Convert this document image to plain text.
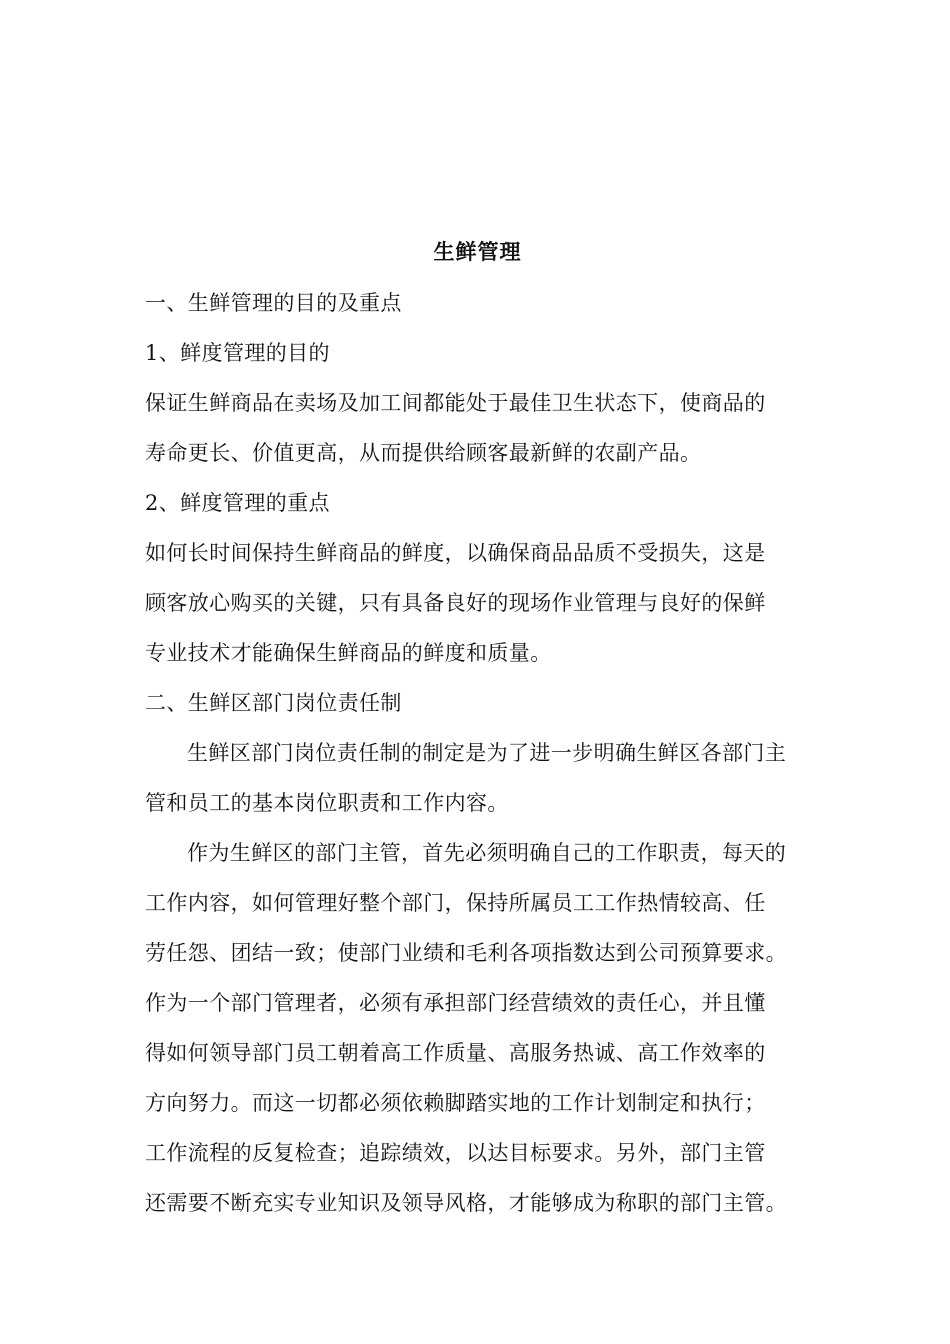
生鲜管理

一、生鲜管理的目的及重点

1、鲜度管理的目的

保证生鲜商品在卖场及加工间都能处于最佳卫生状态下，使商品的
寿命更长、价值更高，从而提供给顾客最新鲜的农副产品。

2、鲜度管理的重点

如何长时间保持生鲜商品的鲜度，以确保商品品质不受损失，这是
顾客放心购买的关键，只有具备良好的现场作业管理与良好的保鲜
专业技术才能确保生鲜商品的鲜度和质量。

二、生鲜区部门岗位责任制

生鲜区部门岗位责任制的制定是为了进一步明确生鲜区各部门主
管和员工的基本岗位职责和工作内容。

作为生鲜区的部门主管，首先必须明确自己的工作职责，每天的
工作内容，如何管理好整个部门，保持所属员工工作热情较高、任
劳任怨、团结一致；使部门业绩和毛利各项指数达到公司预算要求。
作为一个部门管理者，必须有承担部门经营绩效的责任心，并且懂
得如何领导部门员工朝着高工作质量、高服务热诚、高工作效率的
方向努力。而这一切都必须依赖脚踏实地的工作计划制定和执行；
工作流程的反复检查；追踪绩效，以达目标要求。另外，部门主管
还需要不断充实专业知识及领导风格，才能够成为称职的部门主管。
